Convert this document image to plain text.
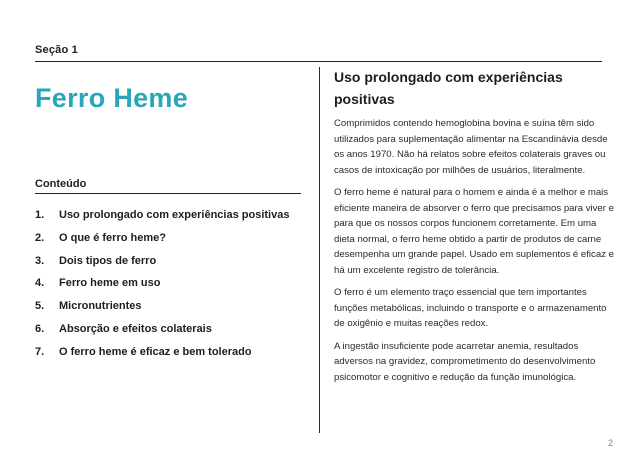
Seção 1
Ferro Heme
Conteúdo
1. Uso prolongado com experiências positivas
2. O que é ferro heme?
3. Dois tipos de ferro
4. Ferro heme em uso
5. Micronutrientes
6. Absorção e efeitos colaterais
7. O ferro heme é eficaz e bem tolerado
Uso prolongado com experiências positivas

Comprimidos contendo hemoglobina bovina e suína têm sido utilizados para suplementação alimentar na Escandinávia desde os anos 1970. Não há relatos sobre efeitos colaterais graves ou casos de intoxicação por milhões de usuários, literalmente.

O ferro heme é natural para o homem e ainda é a melhor e mais eficiente maneira de absorver o ferro que precisamos para viver e para que os nossos corpos funcionem corretamente. Em uma dieta normal, o ferro heme obtido a partir de produtos de carne desempenha um grande papel. Usado em suplementos é eficaz e há um excelente registro de tolerância.

O ferro é um elemento traço essencial que tem importantes funções metabólicas, incluindo o transporte e o armazenamento de oxigênio e muitas reações redox.

A ingestão insuficiente pode acarretar anemia, resultados adversos na gravidez, comprometimento do desenvolvimento psicomotor e cognitivo e redução da função imunológica.

2
